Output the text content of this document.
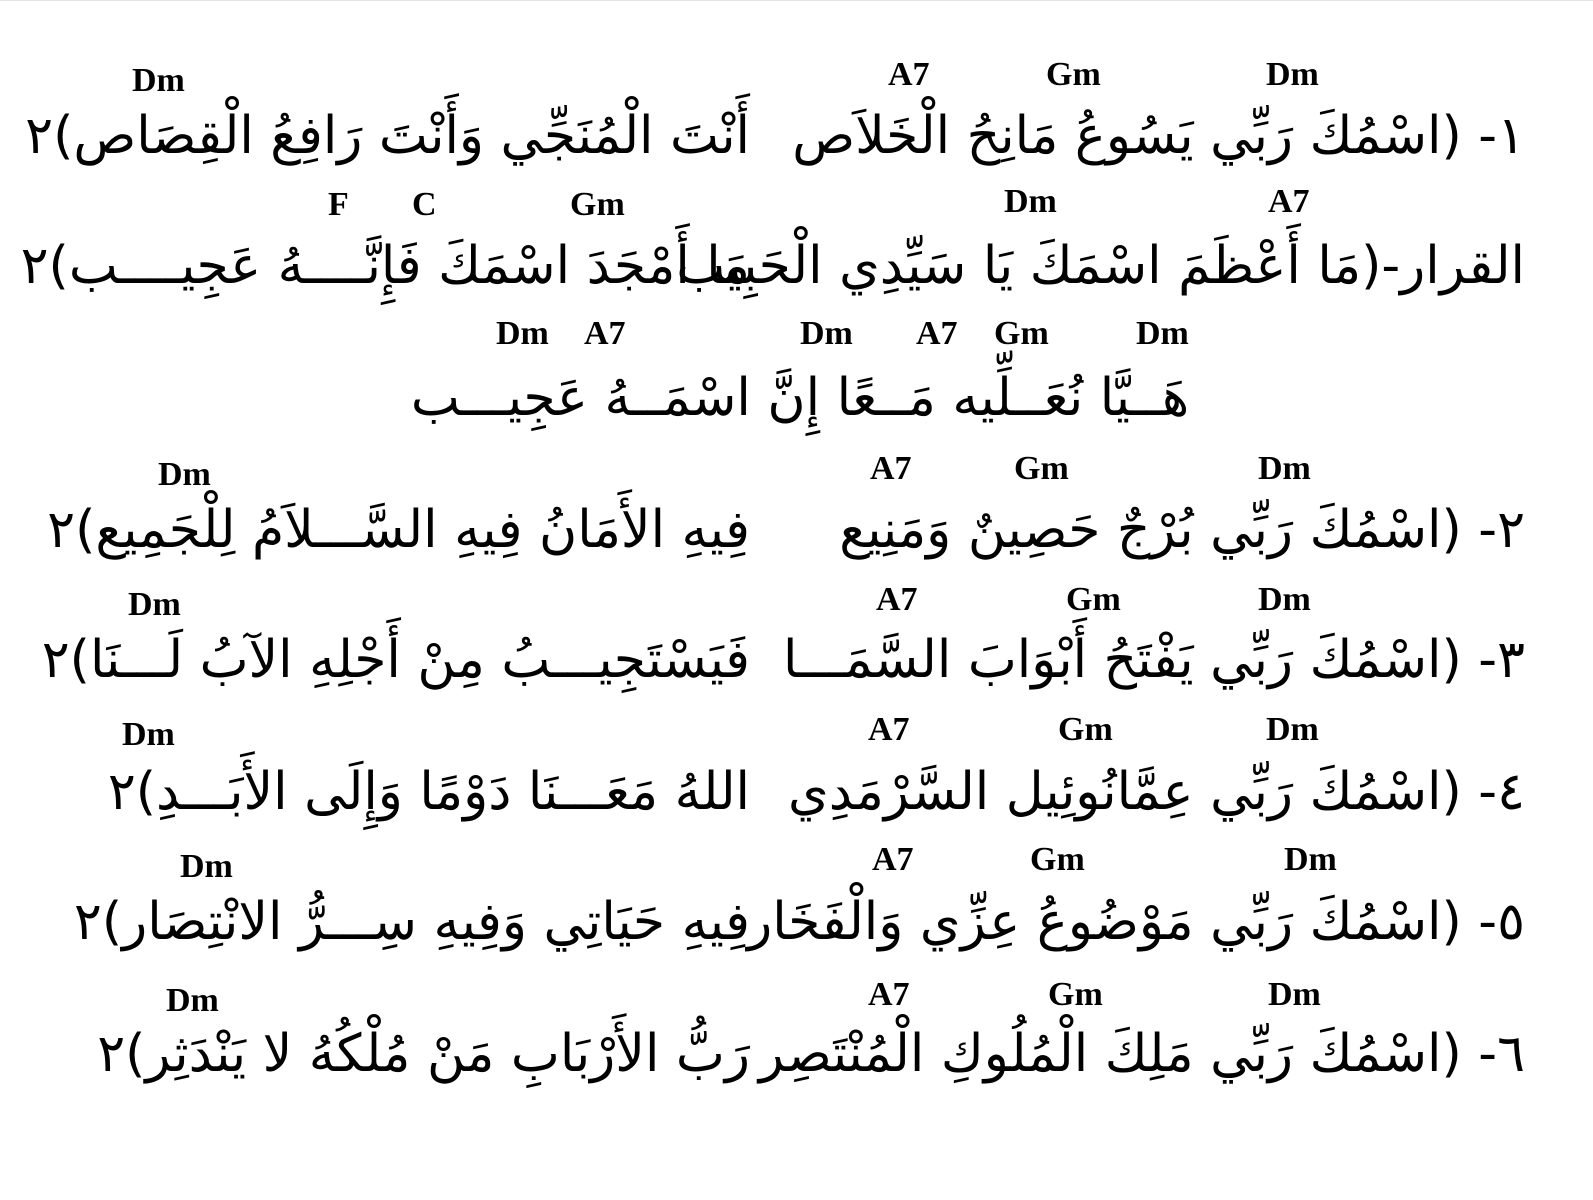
A7	Gm	Dm
Dm
١- (اسْمُكَ رَبِّي يَسُوعُ مَانِحُ الْخَلاَص
أَنْتَ الْمُنَجِّي وَأَنْتَ رَافِعُ الْقِصَاص)٢
Dm	A7
F C	Gm
القرار-(مَا أَعْظَمَ اسْمَكَ يَا سَيِّدِي الْحَبِيب
مَا أَمْجَدَ اسْمَكَ فَإِنَّــــهُ عَجِيــــب)٢
Dm A7	Dm A7 Gm	Dm
هَــيَّا نُعَــلِّيه مَــعًا إِنَّ اسْمَــهُ عَجِيـــب
A7	Gm	Dm
Dm
٢- (اسْمُكَ رَبِّي بُرْجٌ حَصِينٌ وَمَنِيع
فِيهِ الأَمَانُ فِيهِ السَّـــلاَمُ لِلْجَمِيع)٢
A7	Gm	Dm
Dm
٣- (اسْمُكَ رَبِّي يَفْتَحُ أَبْوَابَ السَّمَـــا
فَيَسْتَجِيـــبُ مِنْ أَجْلِهِ الآبُ لَـــنَا)٢
A7	Gm	Dm
Dm
٤- (اسْمُكَ رَبِّي عِمَّانُوئِيل السَّرْمَدِي
اللهُ مَعَـــنَا دَوْمًا وَإِلَى الأَبَـــدِ)٢
A7	Gm	Dm
Dm
٥- (اسْمُكَ رَبِّي مَوْضُوعُ عِزِّي وَالْفَخَار
فِيهِ حَيَاتِي وَفِيهِ سِـــرُّ الانْتِصَار)٢
A7	Gm	Dm
Dm
٦- (اسْمُكَ رَبِّي مَلِكَ الْمُلُوكِ الْمُنْتَصِر
رَبُّ الأَرْبَابِ مَنْ مُلْكُهُ لا يَنْدَثِر)٢
